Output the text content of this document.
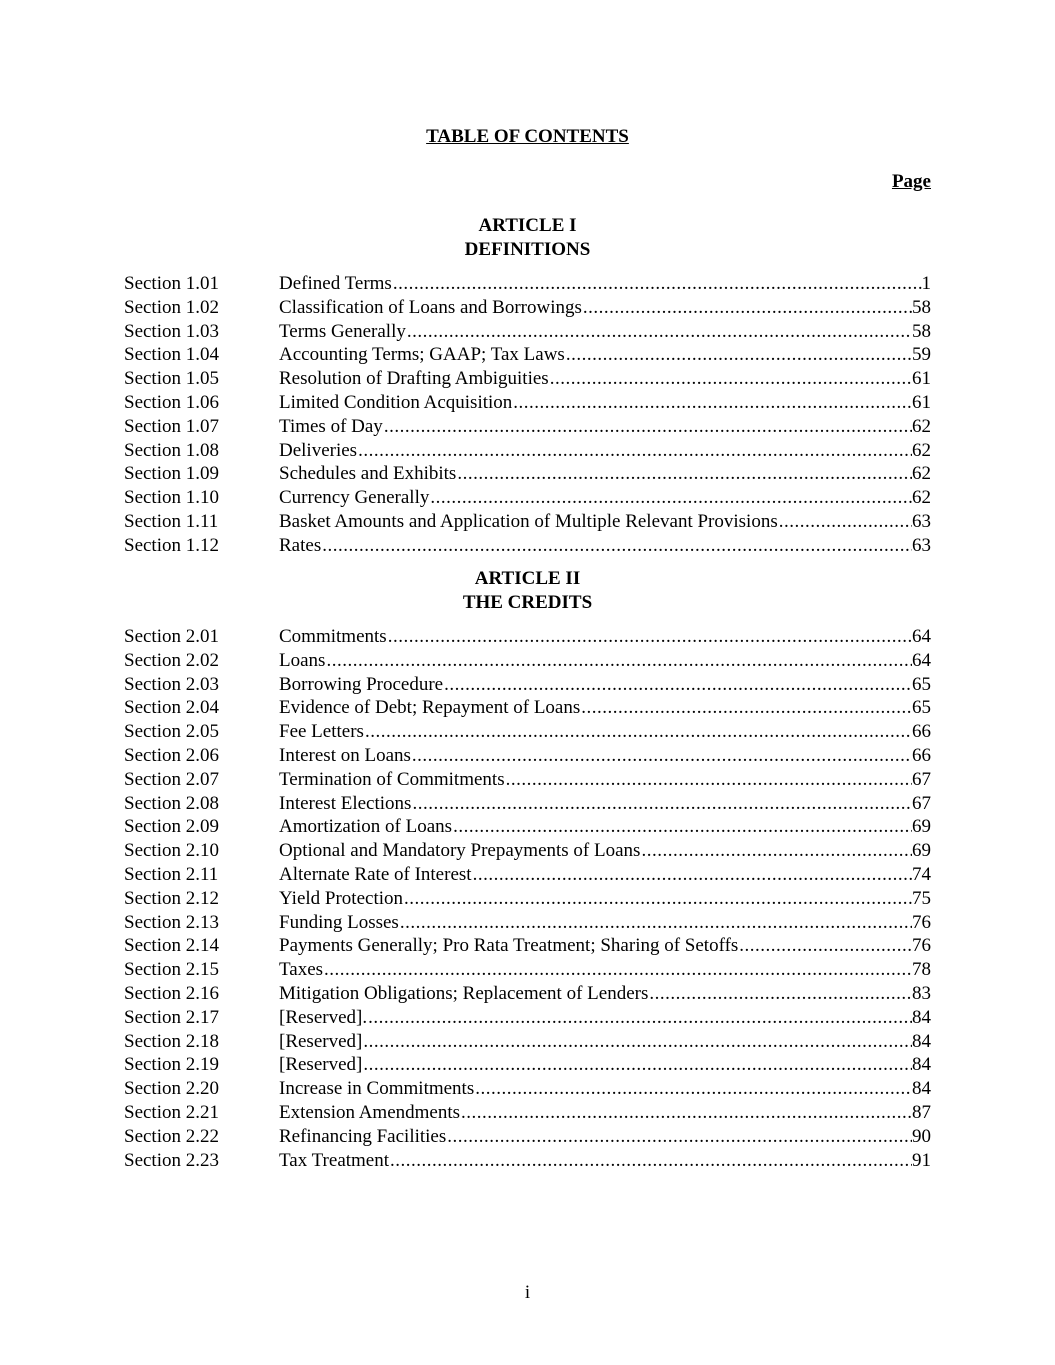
TABLE OF CONTENTS
Page
ARTICLE I
DEFINITIONS
Section 1.01	Defined Terms .....	1
Section 1.02	Classification of Loans and Borrowings .....	58
Section 1.03	Terms Generally .....	58
Section 1.04	Accounting Terms; GAAP; Tax Laws .....	59
Section 1.05	Resolution of Drafting Ambiguities .....	61
Section 1.06	Limited Condition Acquisition .....	61
Section 1.07	Times of Day .....	62
Section 1.08	Deliveries .....	62
Section 1.09	Schedules and Exhibits .....	62
Section 1.10	Currency Generally .....	62
Section 1.11	Basket Amounts and Application of Multiple Relevant Provisions .....	63
Section 1.12	Rates .....	63
ARTICLE II
THE CREDITS
Section 2.01	Commitments .....	64
Section 2.02	Loans .....	64
Section 2.03	Borrowing Procedure .....	65
Section 2.04	Evidence of Debt; Repayment of Loans .....	65
Section 2.05	Fee Letters .....	66
Section 2.06	Interest on Loans .....	66
Section 2.07	Termination of Commitments .....	67
Section 2.08	Interest Elections .....	67
Section 2.09	Amortization of Loans .....	69
Section 2.10	Optional and Mandatory Prepayments of Loans .....	69
Section 2.11	Alternate Rate of Interest .....	74
Section 2.12	Yield Protection .....	75
Section 2.13	Funding Losses .....	76
Section 2.14	Payments Generally; Pro Rata Treatment; Sharing of Setoffs .....	76
Section 2.15	Taxes .....	78
Section 2.16	Mitigation Obligations; Replacement of Lenders .....	83
Section 2.17	[Reserved]. .....	84
Section 2.18	[Reserved] .....	84
Section 2.19	[Reserved] .....	84
Section 2.20	Increase in Commitments .....	84
Section 2.21	Extension Amendments .....	87
Section 2.22	Refinancing Facilities .....	90
Section 2.23	Tax Treatment .....	91
i
